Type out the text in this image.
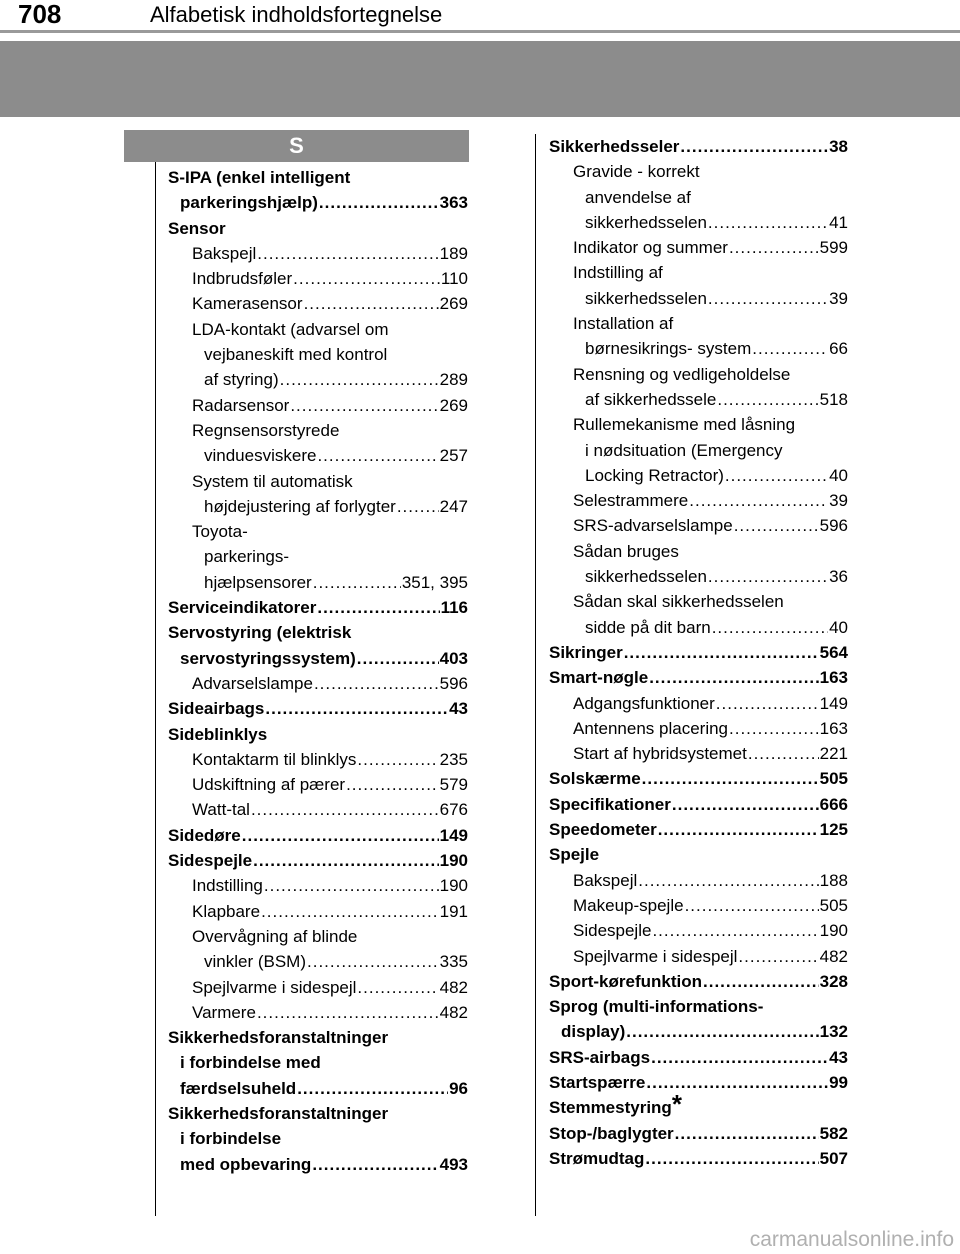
708	Alfabetisk indholdsfortegnelse
S
S-IPA (enkel intelligent
parkeringshjælp) .....	363
Sensor
Bakspejl .....	189
Indbrudsføler .....	110
Kamerasensor .....	269
LDA-kontakt (advarsel om
vejbaneskift med kontrol
af styring) .....	289
Radarsensor .....	269
Regnsensorstyrede
vinduesviskere .....	257
System til automatisk
højdejustering af forlygter .....	247
Toyota-
parkerings-
hjælpsensorer .....	351, 395
Serviceindikatorer .....	116
Servostyring (elektrisk
servostyringssystem) .....	403
Advarselslampe .....	596
Sideairbags .....	43
Sideblinklys
Kontaktarm til blinklys .....	235
Udskiftning af pærer .....	579
Watt-tal .....	676
Sidedøre .....	149
Sidespejle .....	190
Indstilling .....	190
Klapbare .....	191
Overvågning af blinde
vinkler (BSM) .....	335
Spejlvarme i sidespejl .....	482
Varmere .....	482
Sikkerhedsforanstaltninger
i forbindelse med
færdselsuheld .....	96
Sikkerhedsforanstaltninger
i forbindelse
med opbevaring .....	493
Sikkerhedsseler .....	38
Gravide - korrekt
anvendelse af
sikkerhedsselen .....	41
Indikator og summer .....	599
Indstilling af
sikkerhedsselen .....	39
Installation af
børnesikrings- system .....	66
Rensning og vedligeholdelse
af sikkerhedssele .....	518
Rullemekanisme med låsning
i nødsituation (Emergency
Locking Retractor) .....	40
Selestrammere .....	39
SRS-advarselslampe .....	596
Sådan bruges
sikkerhedsselen .....	36
Sådan skal sikkerhedsselen
sidde på dit barn .....	40
Sikringer .....	564
Smart-nøgle .....	163
Adgangsfunktioner .....	149
Antennens placering .....	163
Start af hybridsystemet .....	221
Solskærme .....	505
Specifikationer .....	666
Speedometer .....	125
Spejle
Bakspejl .....	188
Makeup-spejle .....	505
Sidespejle .....	190
Spejlvarme i sidespejl .....	482
Sport-kørefunktion .....	328
Sprog (multi-informations-
display) .....	132
SRS-airbags .....	43
Startspærre .....	99
Stemmestyring *
Stop-/baglygter .....	582
Strømudtag .....	507
carmanualsonline.info
